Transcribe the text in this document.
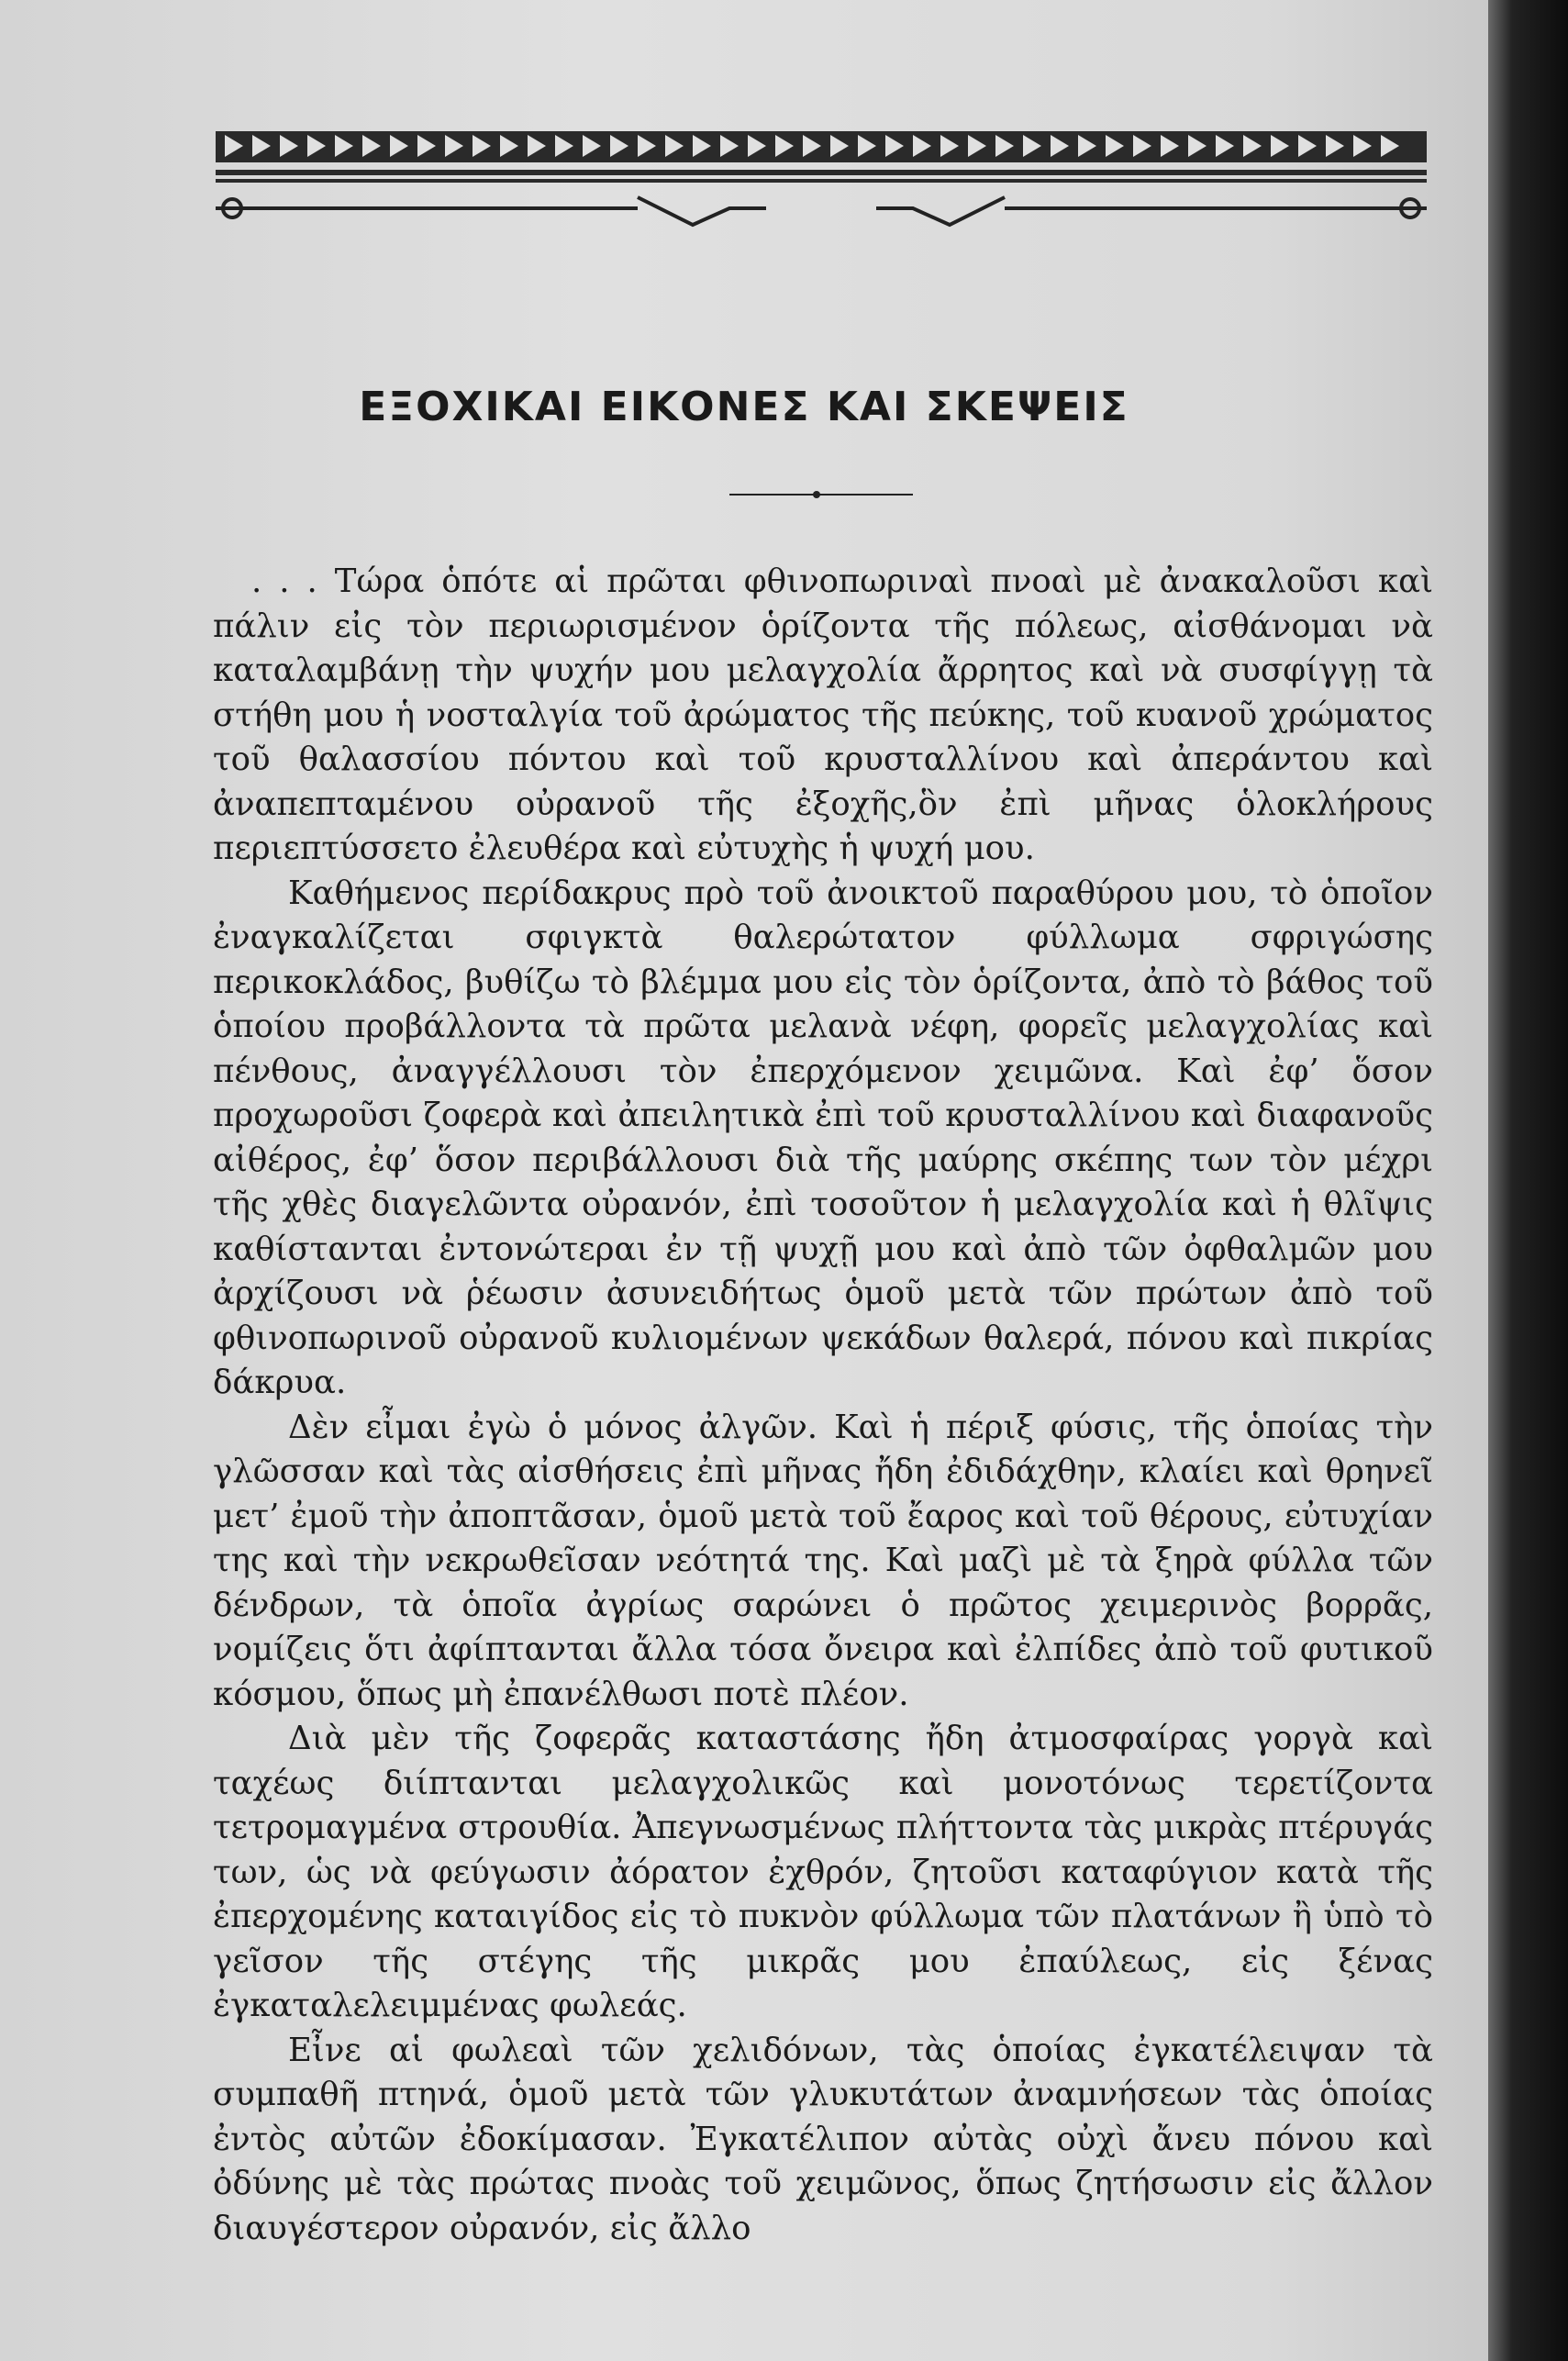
ΕΞΟΧΙΚΑΙ ΕΙΚΟΝΕΣ ΚΑΙ ΣΚΕΨΕΙΣ

. . . Τώρα ὁπότε αἱ πρῶται φθινοπωριναὶ πνοαὶ μὲ ἀνακαλοῦσι καὶ πάλιν εἰς τὸν περιωρισμένον ὁρίζοντα τῆς πόλεως, αἰσθάνομαι νὰ καταλαμβάνῃ τὴν ψυχήν μου μελαγχολία ἄρρητος καὶ νὰ συσφίγγῃ τὰ στήθη μου ἡ νοσταλγία τοῦ ἀρώματος τῆς πεύκης, τοῦ κυανοῦ χρώματος τοῦ θαλασσίου πόντου καὶ τοῦ κρυσταλλίνου καὶ ἀπεράντου καὶ ἀναπεπταμένου οὐρανοῦ τῆς ἐξοχῆς,ὃν ἐπὶ μῆνας ὁλοκλήρους περιεπτύσσετο ἐλευθέρα καὶ εὐτυχὴς ἡ ψυχή μου.

Καθήμενος περίδακρυς πρὸ τοῦ ἀνοικτοῦ παραθύρου μου, τὸ ὁποῖον ἐναγκαλίζεται σφιγκτὰ θαλερώτατον φύλλωμα σφριγώσης περικοκλάδος, βυθίζω τὸ βλέμμα μου εἰς τὸν ὁρίζοντα, ἀπὸ τὸ βάθος τοῦ ὁποίου προβάλλοντα τὰ πρῶτα μελανὰ νέφη, φορεῖς μελαγχολίας καὶ πένθους, ἀναγγέλλουσι τὸν ἐπερχόμενον χειμῶνα. Καὶ ἐφ’ ὅσον προχωροῦσι ζοφερὰ καὶ ἀπειλητικὰ ἐπὶ τοῦ κρυσταλλίνου καὶ διαφανοῦς αἰθέρος, ἐφ’ ὅσον περιβάλλουσι διὰ τῆς μαύρης σκέπης των τὸν μέχρι τῆς χθὲς διαγελῶντα οὐρανόν, ἐπὶ τοσοῦτον ἡ μελαγχολία καὶ ἡ θλῖψις καθίστανται ἐντονώτεραι ἐν τῇ ψυχῇ μου καὶ ἀπὸ τῶν ὀφθαλμῶν μου ἀρχίζουσι νὰ ῥέωσιν ἀσυνειδήτως ὁμοῦ μετὰ τῶν πρώτων ἀπὸ τοῦ φθινοπωρινοῦ οὐρανοῦ κυλιομένων ψεκάδων θαλερά, πόνου καὶ πικρίας δάκρυα.

Δὲν εἶμαι ἐγὼ ὁ μόνος ἀλγῶν. Καὶ ἡ πέριξ φύσις, τῆς ὁποίας τὴν γλῶσσαν καὶ τὰς αἰσθήσεις ἐπὶ μῆνας ἤδη ἐδιδάχθην, κλαίει καὶ θρηνεῖ μετ’ ἐμοῦ τὴν ἀποπτᾶσαν, ὁμοῦ μετὰ τοῦ ἔαρος καὶ τοῦ θέρους, εὐτυχίαν της καὶ τὴν νεκρωθεῖσαν νεότητά της. Καὶ μαζὶ μὲ τὰ ξηρὰ φύλλα τῶν δένδρων, τὰ ὁποῖα ἀγρίως σαρώνει ὁ πρῶτος χειμερινὸς βορρᾶς, νομίζεις ὅτι ἀφίπτανται ἄλλα τόσα ὄνειρα καὶ ἐλπίδες ἀπὸ τοῦ φυτικοῦ κόσμου, ὅπως μὴ ἐπανέλθωσι ποτὲ πλέον.

Διὰ μὲν τῆς ζοφερᾶς καταστάσης ἤδη ἀτμοσφαίρας γοργὰ καὶ ταχέως διίπτανται μελαγχολικῶς καὶ μονοτόνως τερετίζοντα τετρομαγμένα στρουθία. Ἀπεγνωσμένως πλήττοντα τὰς μικρὰς πτέρυγάς των, ὡς νὰ φεύγωσιν ἀόρατον ἐχθρόν, ζητοῦσι καταφύγιον κατὰ τῆς ἐπερχομένης καταιγίδος εἰς τὸ πυκνὸν φύλλωμα τῶν πλατάνων ἢ ὑπὸ τὸ γεῖσον τῆς στέγης τῆς μικρᾶς μου ἐπαύλεως, εἰς ξένας ἐγκαταλελειμμένας φωλεάς.

Εἶνε αἱ φωλεαὶ τῶν χελιδόνων, τὰς ὁποίας ἐγκατέλειψαν τὰ συμπαθῆ πτηνά, ὁμοῦ μετὰ τῶν γλυκυτάτων ἀναμνήσεων τὰς ὁποίας ἐντὸς αὐτῶν ἐδοκίμασαν. Ἐγκατέλιπον αὐτὰς οὐχὶ ἄνευ πόνου καὶ ὀδύνης μὲ τὰς πρώτας πνοὰς τοῦ χειμῶνος, ὅπως ζητήσωσιν εἰς ἄλλον διαυγέστερον οὐρανόν, εἰς ἄλλο
